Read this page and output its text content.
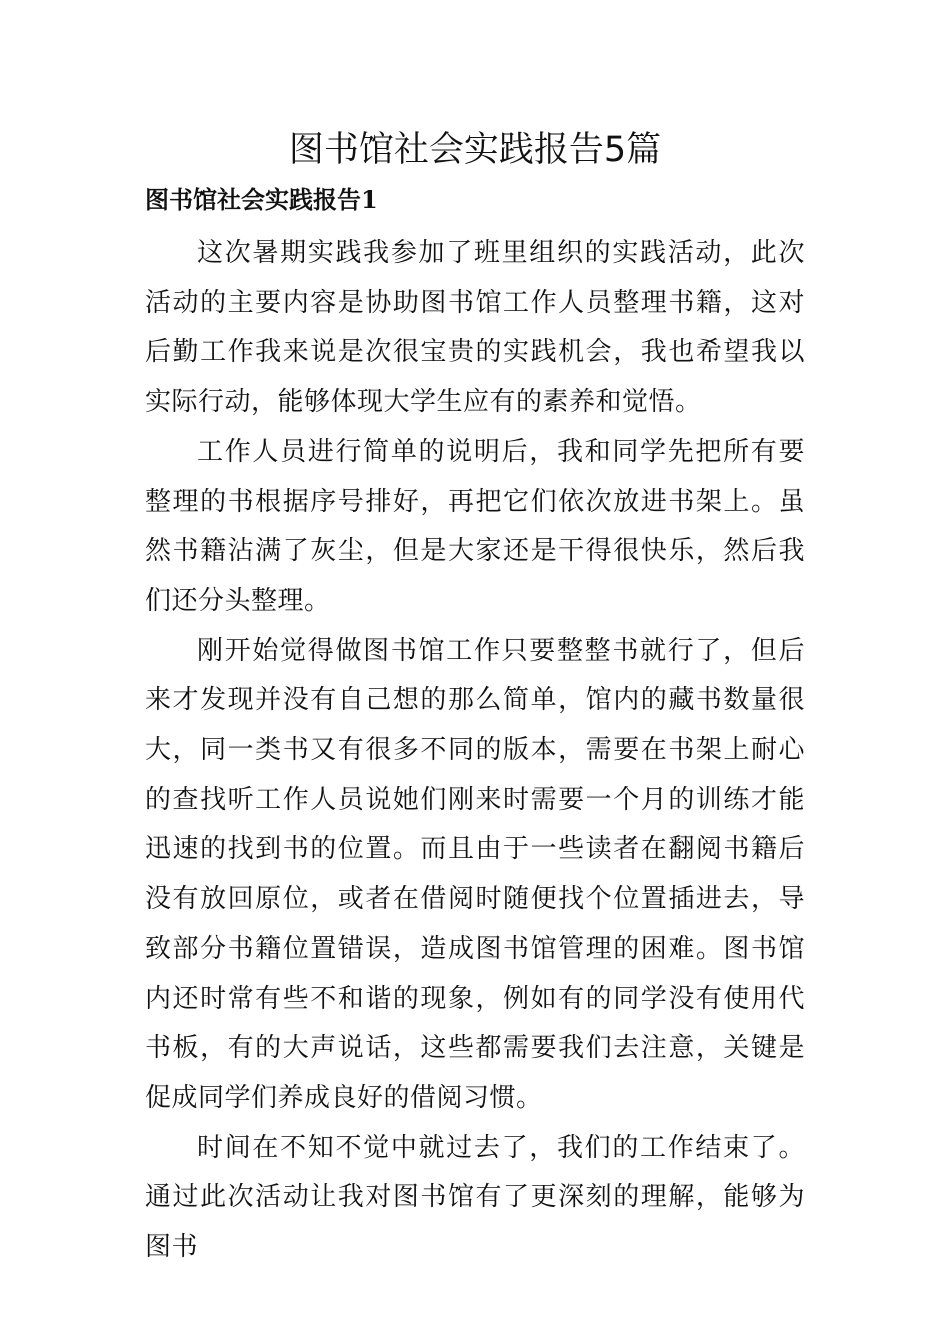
图书馆社会实践报告5篇
图书馆社会实践报告1

这次暑期实践我参加了班里组织的实践活动，此次活动的主要内容是协助图书馆工作人员整理书籍，这对后勤工作我来说是次很宝贵的实践机会，我也希望我以实际行动，能够体现大学生应有的素养和觉悟。

工作人员进行简单的说明后，我和同学先把所有要整理的书根据序号排好，再把它们依次放进书架上。虽然书籍沾满了灰尘，但是大家还是干得很快乐，然后我们还分头整理。

刚开始觉得做图书馆工作只要整整书就行了，但后来才发现并没有自己想的那么简单，馆内的藏书数量很大，同一类书又有很多不同的版本，需要在书架上耐心的查找听工作人员说她们刚来时需要一个月的训练才能迅速的找到书的位置。而且由于一些读者在翻阅书籍后没有放回原位，或者在借阅时随便找个位置插进去，导致部分书籍位置错误，造成图书馆管理的困难。图书馆内还时常有些不和谐的现象，例如有的同学没有使用代书板，有的大声说话，这些都需要我们去注意，关键是促成同学们养成良好的借阅习惯。

时间在不知不觉中就过去了，我们的工作结束了。通过此次活动让我对图书馆有了更深刻的理解，能够为图书
